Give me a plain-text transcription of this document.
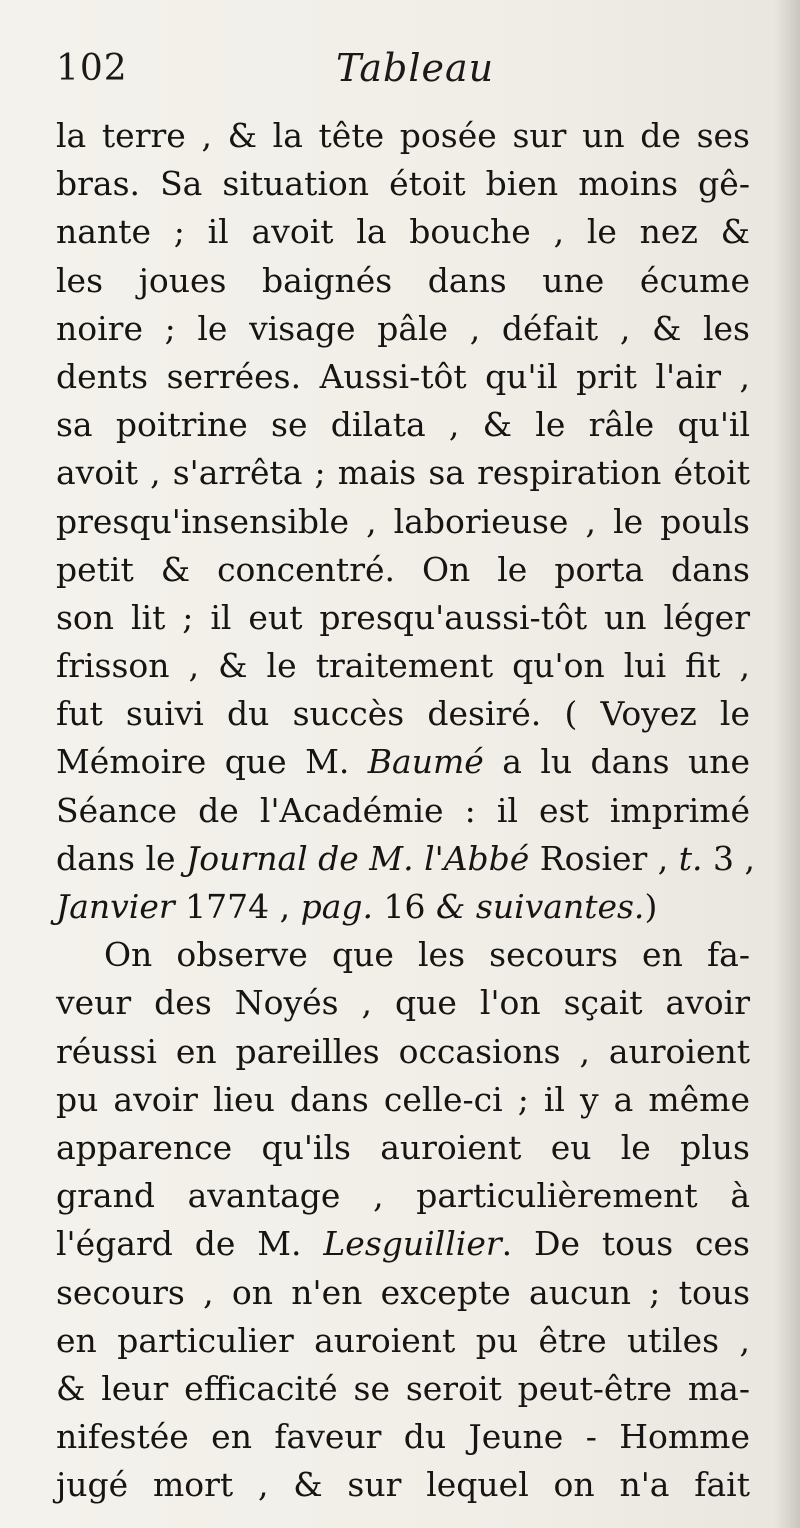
102	Tableau
la terre , & la tête posée sur un de ses
bras. Sa situation étoit bien moins gê-
nante ; il avoit la bouche , le nez &
les joues baignés dans une écume
noire ; le visage pâle , défait , & les
dents serrées. Aussi-tôt qu'il prit l'air ,
sa poitrine se dilata , & le râle qu'il
avoit , s'arrêta ; mais sa respiration étoit
presqu'insensible , laborieuse , le pouls
petit & concentré. On le porta dans
son lit ; il eut presqu'aussi-tôt un léger
frisson , & le traitement qu'on lui fit ,
fut suivi du succès desiré. ( Voyez le
Mémoire que M. Baumé a lu dans une
Séance de l'Académie : il est imprimé
dans le Journal de M. l'Abbé Rosier , t. 3 ,
Janvier 1774 , pag. 16 & suivantes.)
On observe que les secours en fa-
veur des Noyés , que l'on sçait avoir
réussi en pareilles occasions , auroient
pu avoir lieu dans celle-ci ; il y a même
apparence qu'ils auroient eu le plus
grand avantage , particulièrement à
l'égard de M. Lesguillier. De tous ces
secours , on n'en excepte aucun ; tous
en particulier auroient pu être utiles ,
& leur efficacité se seroit peut-être ma-
nifestée en faveur du Jeune - Homme
jugé mort , & sur lequel on n'a fait
